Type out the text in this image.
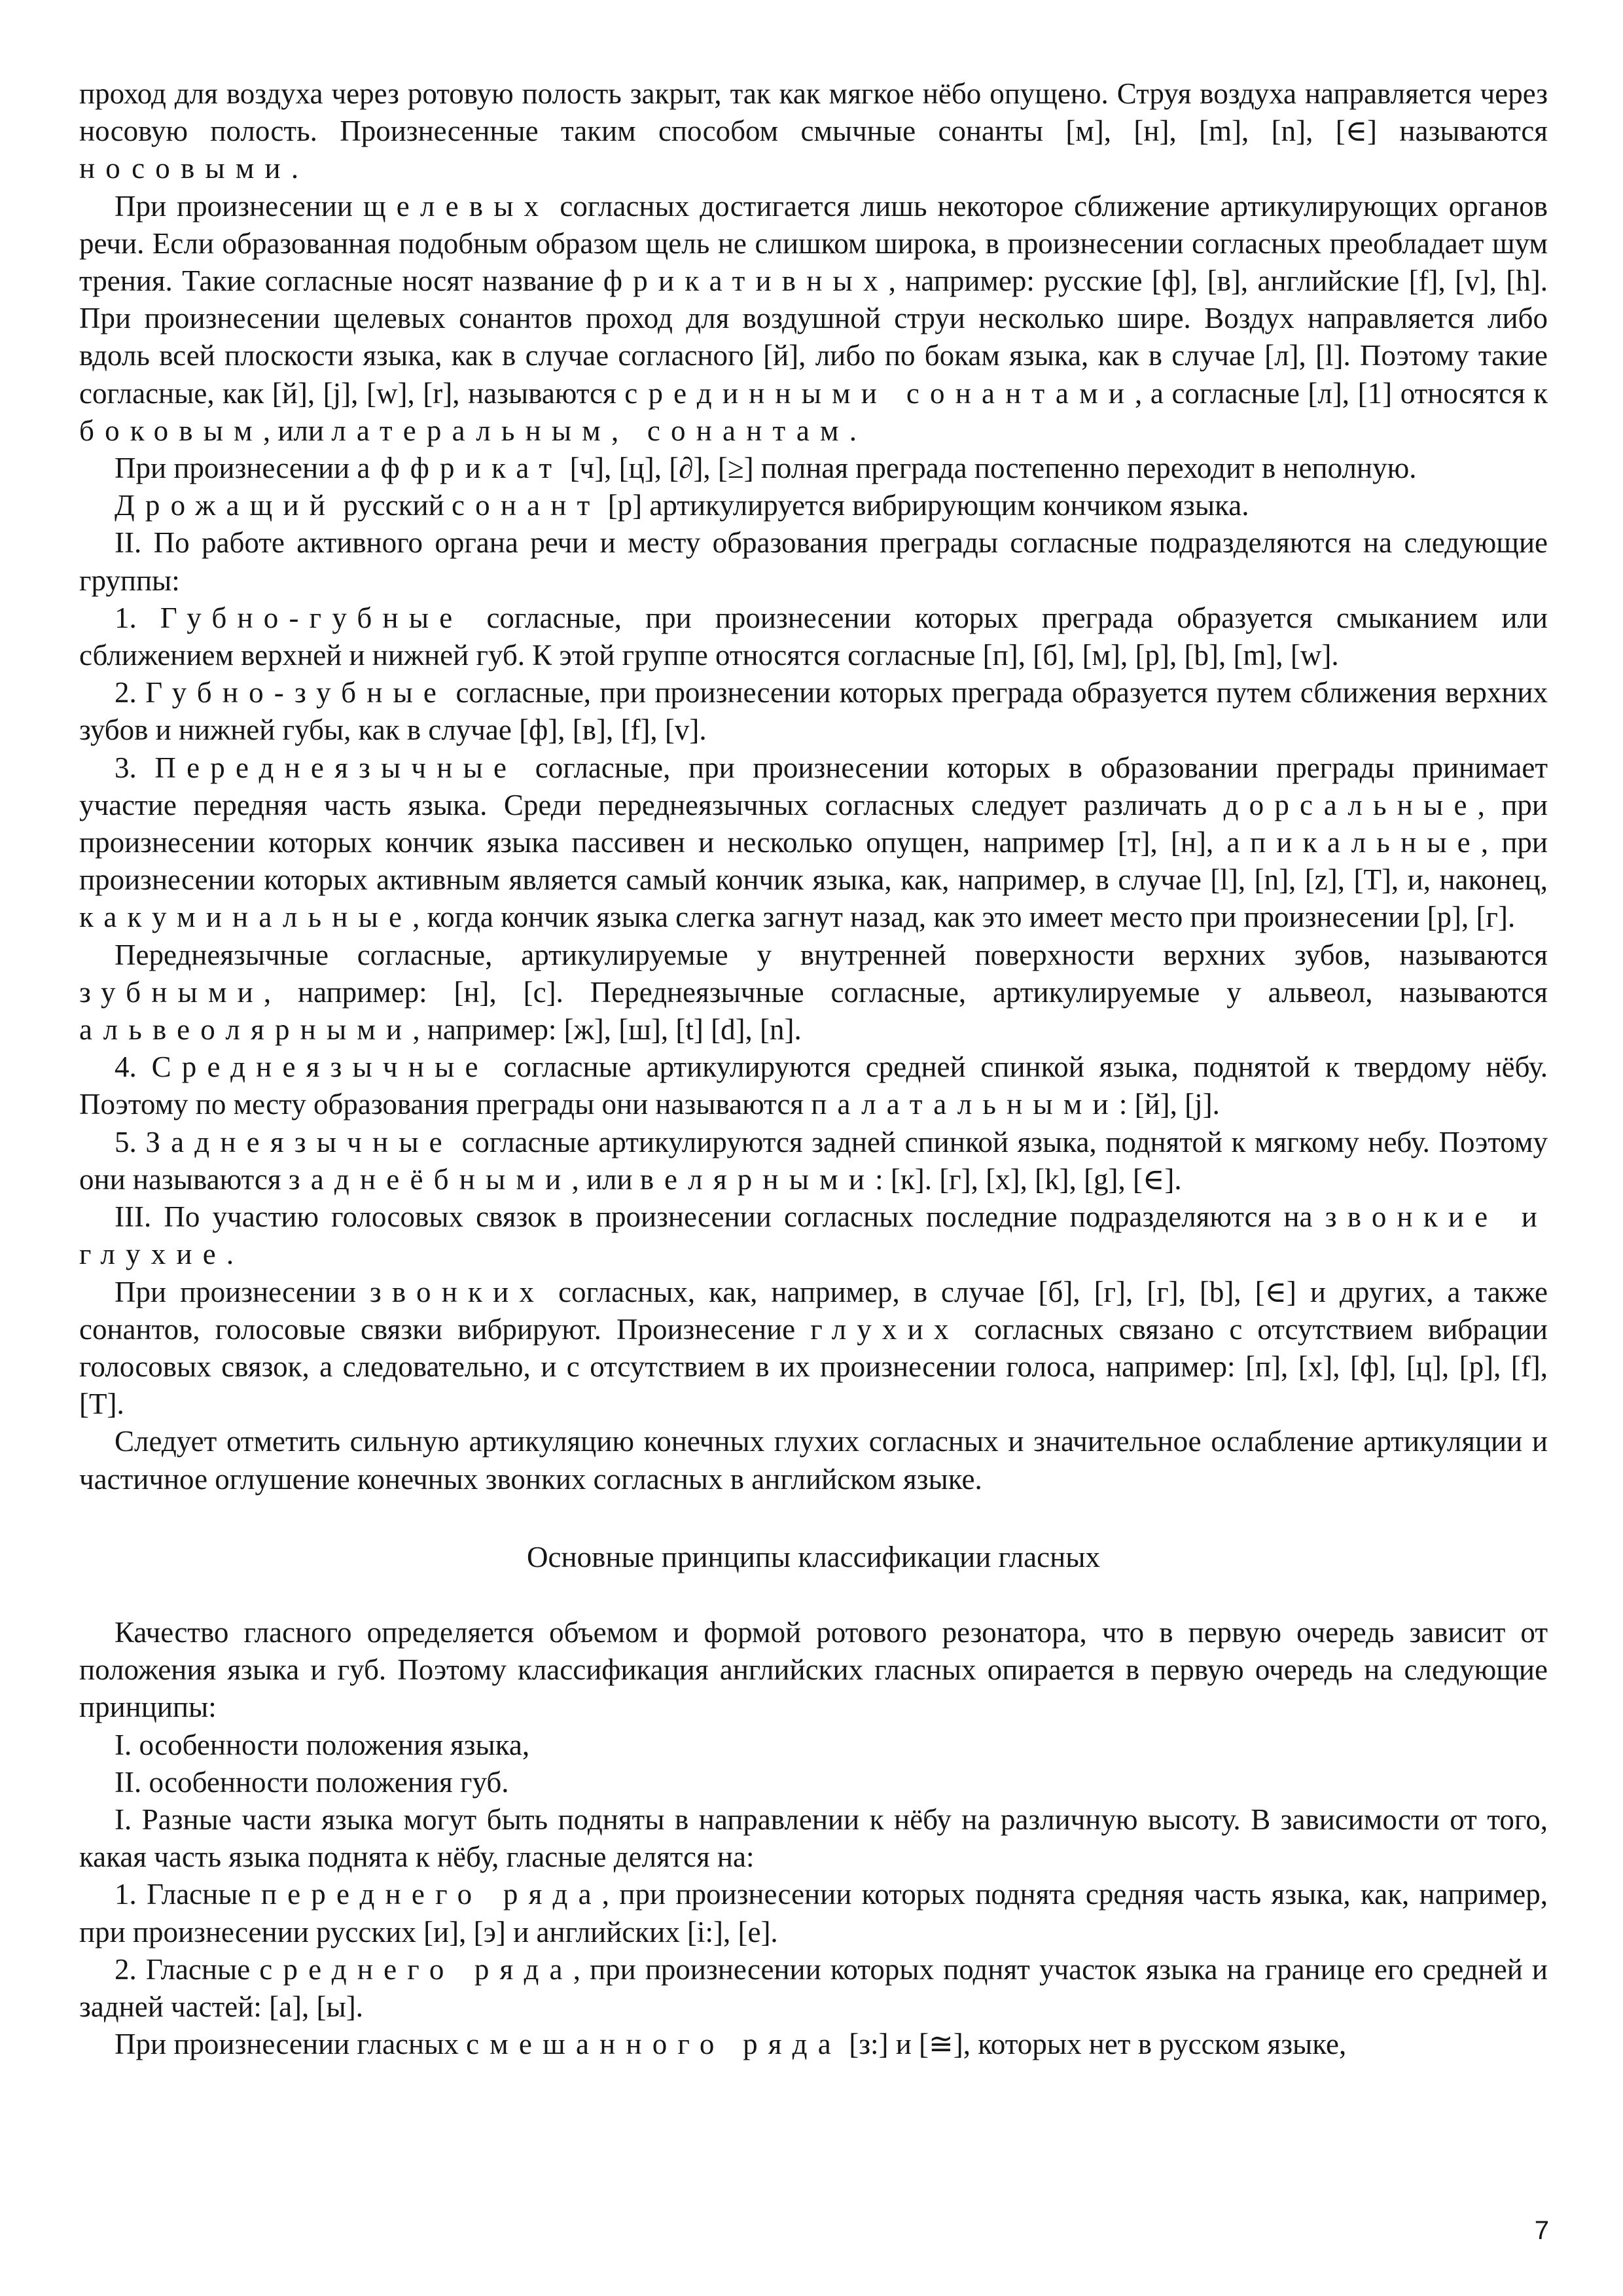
проход для воздуха через ротовую полость закрыт, так как мягкое нёбо опущено. Струя воздуха направляется через носовую полость. Произнесенные таким способом смычные сонанты [м], [н], [m], [n], [∈] называются носовыми.

При произнесении щелевых согласных достигается лишь некоторое сближение артикулирующих органов речи. Если образованная подобным образом щель не слишком широка, в произнесении согласных преобладает шум трения. Такие согласные носят название фрикативных, например: русские [ф], [в], английские [f], [v], [h]. При произнесении щелевых сонантов проход для воздушной струи несколько шире. Воздух направляется либо вдоль всей плоскости языка, как в случае согласного [й], либо по бокам языка, как в случае [л], [l]. Поэтому такие согласные, как [й], [j], [w], [r], называются срединными сонантами, а согласные [л], [1] относятся к боковым, или латеральным, сонантам.

При произнесении аффрикат [ч], [ц], [∂], [≥] полная преграда постепенно переходит в неполную.

Дрожащий русский сонант [р] артикулируется вибрирующим кончиком языка.

II. По работе активного органа речи и месту образования преграды согласные подразделяются на следующие группы:

1. Губно-губные согласные, при произнесении которых преграда образуется смыканием или сближением верхней и нижней губ. К этой группе относятся согласные [п], [б], [м], [р], [b], [m], [w].

2. Губно-зубные согласные, при произнесении которых преграда образуется путем сближения верхних зубов и нижней губы, как в случае [ф], [в], [f], [v].

3. Переднеязычные согласные, при произнесении которых в образовании преграды принимает участие передняя часть языка. Среди переднеязычных согласных следует различать дорсальные, при произнесении которых кончик языка пассивен и несколько опущен, например [т], [н], апикальные, при произнесении которых активным является самый кончик языка, как, например, в случае [l], [n], [z], [T], и, наконец, какуминальные, когда кончик языка слегка загнут назад, как это имеет место при произнесении [р], [г].

Переднеязычные согласные, артикулируемые у внутренней поверхности верхних зубов, называются зубными, например: [н], [с]. Переднеязычные согласные, артикулируемые у альвеол, называются альвеолярными, например: [ж], [ш], [t] [d], [n].

4. Среднеязычные согласные артикулируются средней спинкой языка, поднятой к твердому нёбу. Поэтому по месту образования преграды они называются палатальными: [й], [j].

5. Заднеязычные согласные артикулируются задней спинкой языка, поднятой к мягкому небу. Поэтому они называются заднеёбными, или велярными: [к]. [г], [х], [k], [g], [∈].

III. По участию голосовых связок в произнесении согласных последние подразделяются на звонкие и глухие.

При произнесении звонких согласных, как, например, в случае [б], [г], [г], [b], [∈] и других, а также сонантов, голосовые связки вибрируют. Произнесение глухих согласных связано с отсутствием вибрации голосовых связок, а следовательно, и с отсутствием в их произнесении голоса, например: [п], [х], [ф], [ц], [р], [f], [T].

Следует отметить сильную артикуляцию конечных глухих согласных и значительное ослабление артикуляции и частичное оглушение конечных звонких согласных в английском языке.

Основные принципы классификации гласных

Качество гласного определяется объемом и формой ротового резонатора, что в первую очередь зависит от положения языка и губ. Поэтому классификация английских гласных опирается в первую очередь на следующие принципы:

I. особенности положения языка,

II. особенности положения губ.

I. Разные части языка могут быть подняты в направлении к нёбу на различную высоту. В зависимости от того, какая часть языка поднята к нёбу, гласные делятся на:

1. Гласные переднего ряда, при произнесении которых поднята средняя часть языка, как, например, при произнесении русских [и], [э] и английских [i:], [e].

2. Гласные среднего ряда, при произнесении которых поднят участок языка на границе его средней и задней частей: [а], [ы].

При произнесении гласных смешанного ряда [з:] и [≅], которых нет в русском языке,

7
